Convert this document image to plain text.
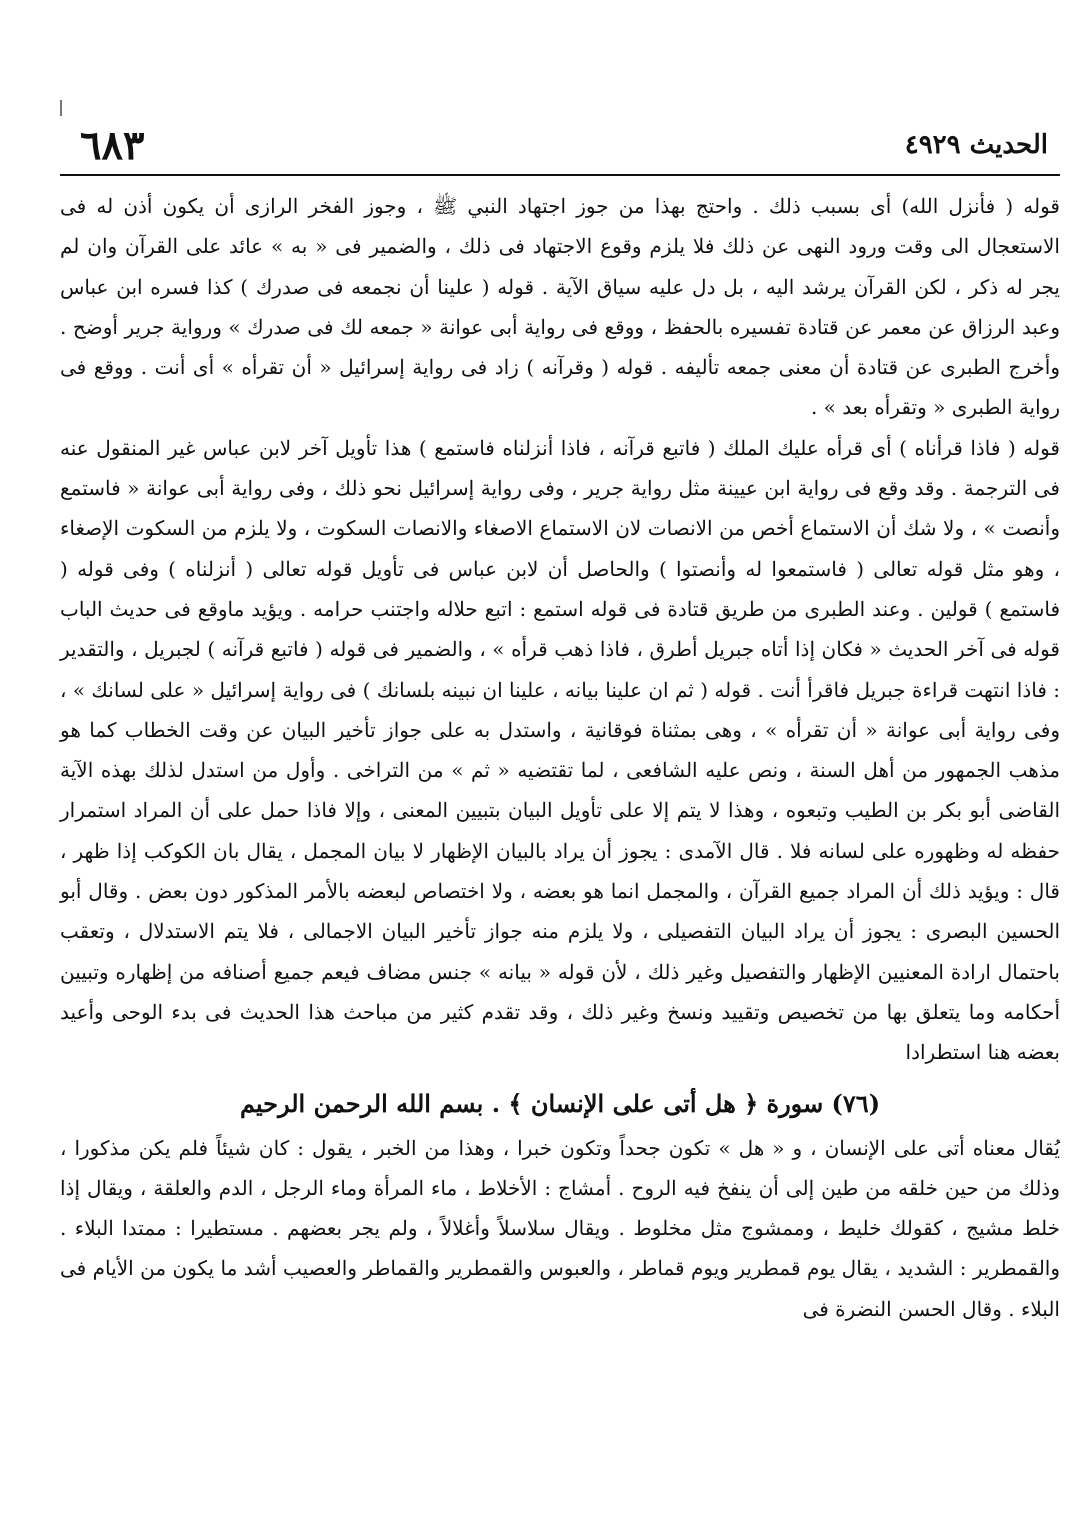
الحديث ٤٩٢٩
٦٨٣

قوله ( فأنزل الله) أى بسبب ذلك . واحتج بهذا من جوز اجتهاد النبي ﷺ ، وجوز الفخر الرازى أن يكون أذن له فى الاستعجال الى وقت ورود النهى عن ذلك فلا يلزم وقوع الاجتهاد فى ذلك ، والضمير فى « به » عائد على القرآن وان لم يجر له ذكر ، لكن القرآن يرشد اليه ، بل دل عليه سياق الآية . قوله ( علينا أن نجمعه فى صدرك ) كذا فسره ابن عباس وعبد الرزاق عن معمر عن قتادة تفسيره بالحفظ ، ووقع فى رواية أبى عوانة « جمعه لك فى صدرك » ورواية جرير أوضح . وأخرج الطبرى عن قتادة أن معنى جمعه تأليفه . قوله ( وقرآنه ) زاد فى رواية إسرائيل « أن تقرأه » أى أنت . ووقع فى رواية الطبرى « وتقرأه بعد » .

قوله ( فاذا قرأناه ) أى قرأه عليك الملك ( فاتبع قرآنه ، فاذا أنزلناه فاستمع ) هذا تأويل آخر لابن عباس غير المنقول عنه فى الترجمة . وقد وقع فى رواية ابن عيينة مثل رواية جرير ، وفى رواية إسرائيل نحو ذلك ، وفى رواية أبى عوانة « فاستمع وأنصت » ، ولا شك أن الاستماع أخص من الانصات لان الاستماع الاصغاء والانصات السكوت ، ولا يلزم من السكوت الإصغاء ، وهو مثل قوله تعالى ( فاستمعوا له وأنصتوا ) والحاصل أن لابن عباس فى تأويل قوله تعالى ( أنزلناه ) وفى قوله ( فاستمع ) قولين . وعند الطبرى من طريق قتادة فى قوله استمع : اتبع حلاله واجتنب حرامه . ويؤيد ماوقع فى حديث الباب قوله فى آخر الحديث « فكان إذا أتاه جبريل أطرق ، فاذا ذهب قرأه » ، والضمير فى قوله ( فاتبع قرآنه ) لجبريل ، والتقدير : فاذا انتهت قراءة جبريل فاقرأ أنت . قوله ( ثم ان علينا بيانه ، علينا ان نبينه بلسانك ) فى رواية إسرائيل « على لسانك » ، وفى رواية أبى عوانة « أن تقرأه » ، وهى بمثناة فوقانية ، واستدل به على جواز تأخير البيان عن وقت الخطاب كما هو مذهب الجمهور من أهل السنة ، ونص عليه الشافعى ، لما تقتضيه « ثم » من التراخى . وأول من استدل لذلك بهذه الآية القاضى أبو بكر بن الطيب وتبعوه ، وهذا لا يتم إلا على تأويل البيان بتبيين المعنى ، وإلا فاذا حمل على أن المراد استمرار حفظه له وظهوره على لسانه فلا . قال الآمدى : يجوز أن يراد بالبيان الإظهار لا بيان المجمل ، يقال بان الكوكب إذا ظهر ، قال : ويؤيد ذلك أن المراد جميع القرآن ، والمجمل انما هو بعضه ، ولا اختصاص لبعضه بالأمر المذكور دون بعض . وقال أبو الحسين البصرى : يجوز أن يراد البيان التفصيلى ، ولا يلزم منه جواز تأخير البيان الاجمالى ، فلا يتم الاستدلال ، وتعقب باحتمال ارادة المعنيين الإظهار والتفصيل وغير ذلك ، لأن قوله « بيانه » جنس مضاف فيعم جميع أصنافه من إظهاره وتبيين أحكامه وما يتعلق بها من تخصيص وتقييد ونسخ وغير ذلك ، وقد تقدم كثير من مباحث هذا الحديث فى بدء الوحى وأعيد بعضه هنا استطرادا

(٧٦) سورة ﴿ هل أتى على الإنسان ﴾ . بسم الله الرحمن الرحيم
يُقال معناه أتى على الإنسان ، و « هل » تكون جحداً وتكون خبرا ، وهذا من الخبر ، يقول : كان شيئاً فلم يكن مذكورا ، وذلك من حين خلقه من طين إلى أن ينفخ فيه الروح . أمشاج : الأخلاط ، ماء المرأة وماء الرجل ، الدم والعلقة ، ويقال إذا خلط مشيج ، كقولك خليط ، وممشوج مثل مخلوط . ويقال سلاسلاً وأغلالاً ، ولم يجر بعضهم . مستطيرا : ممتدا البلاء . والقمطرير : الشديد ، يقال يوم قمطرير ويوم قماطر ، والعبوس والقمطرير والقماطر والعصيب أشد ما يكون من الأيام فى البلاء . وقال الحسن النضرة فى
